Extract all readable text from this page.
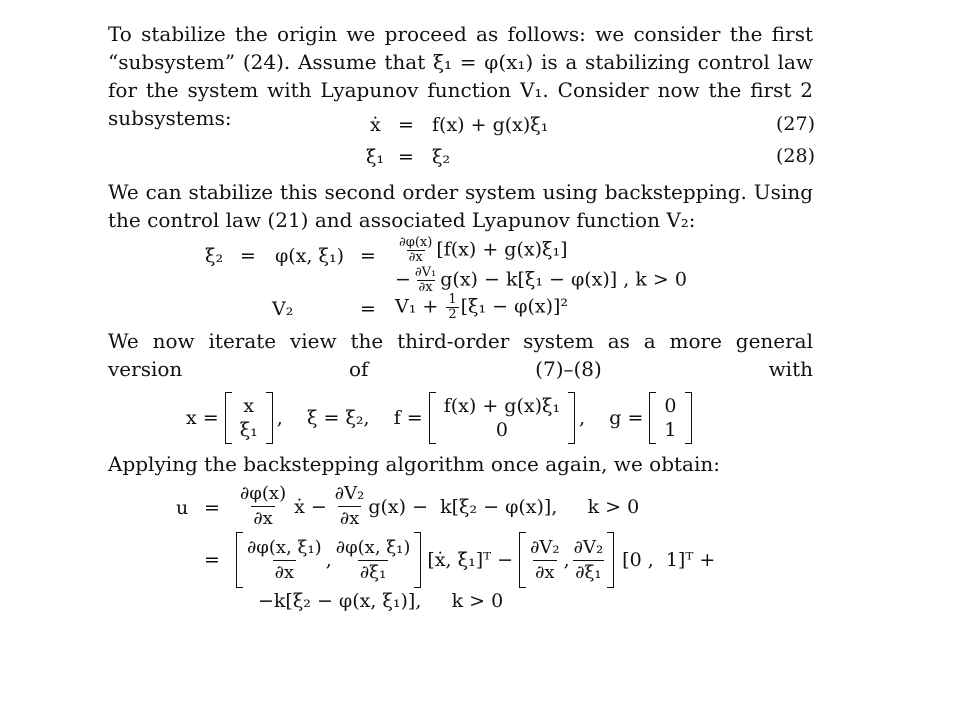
To stabilize the origin we proceed as follows: we consider the first “subsystem” (24). Assume that ξ₁ = φ(x₁) is a stabilizing control law for the system with Lyapunov function V₁. Consider now the first 2 subsystems:	ẋ = f(x) + g(x)ξ₁	(27)
ξ̇₁ = ξ₂	(28)
We can stabilize this second order system using backstepping. Using the control law (21) and associated Lyapunov function V₂:
ξ₂ = φ(x, $\xi_1) = \frac{\partial\varphi(x)}{\partial x} [f(x) + g(x)\xi_1]$
− $\frac{\text{∂V₁}}{\partial x} g(x) - k[\xi_1 - \varphi(x)]$ , k > 0
V₂	= $V_1 + \frac{1}{2} [\xi_1 - \varphi(x)]^2$
We now iterate view the third-order system as a more general version of (7)–(8) with
x =
x
ξ₁
,    ξ = ξ₂,    f =
f(x) + g(x)ξ₁
0
,    g =
0
1
Applying the backstepping algorithm once again, we obtain:
$u = \frac{\partial\varphi(x)}{\partial x}$ ẋ − $\frac{\text{∂V₂}}{\partial x} g(x) - k[\xi_2 - \varphi(x)]$,     k > 0
= $\frac{\text{∂φ(x, ξ₁)}}{\partial x}$ , $\frac{\text{∂φ(x, ξ₁)}}{\text{∂ξ₁}}$ [ẋ, ξ̇₁]ᵀ − $\frac{\text{∂V₂}}{\partial x}$ , $\frac{\text{∂V₂}}{\text{∂ξ₁}} [0$ ,  1]ᵀ +
−k[ξ₂ − φ(x, ξ₁)],     k > 0
